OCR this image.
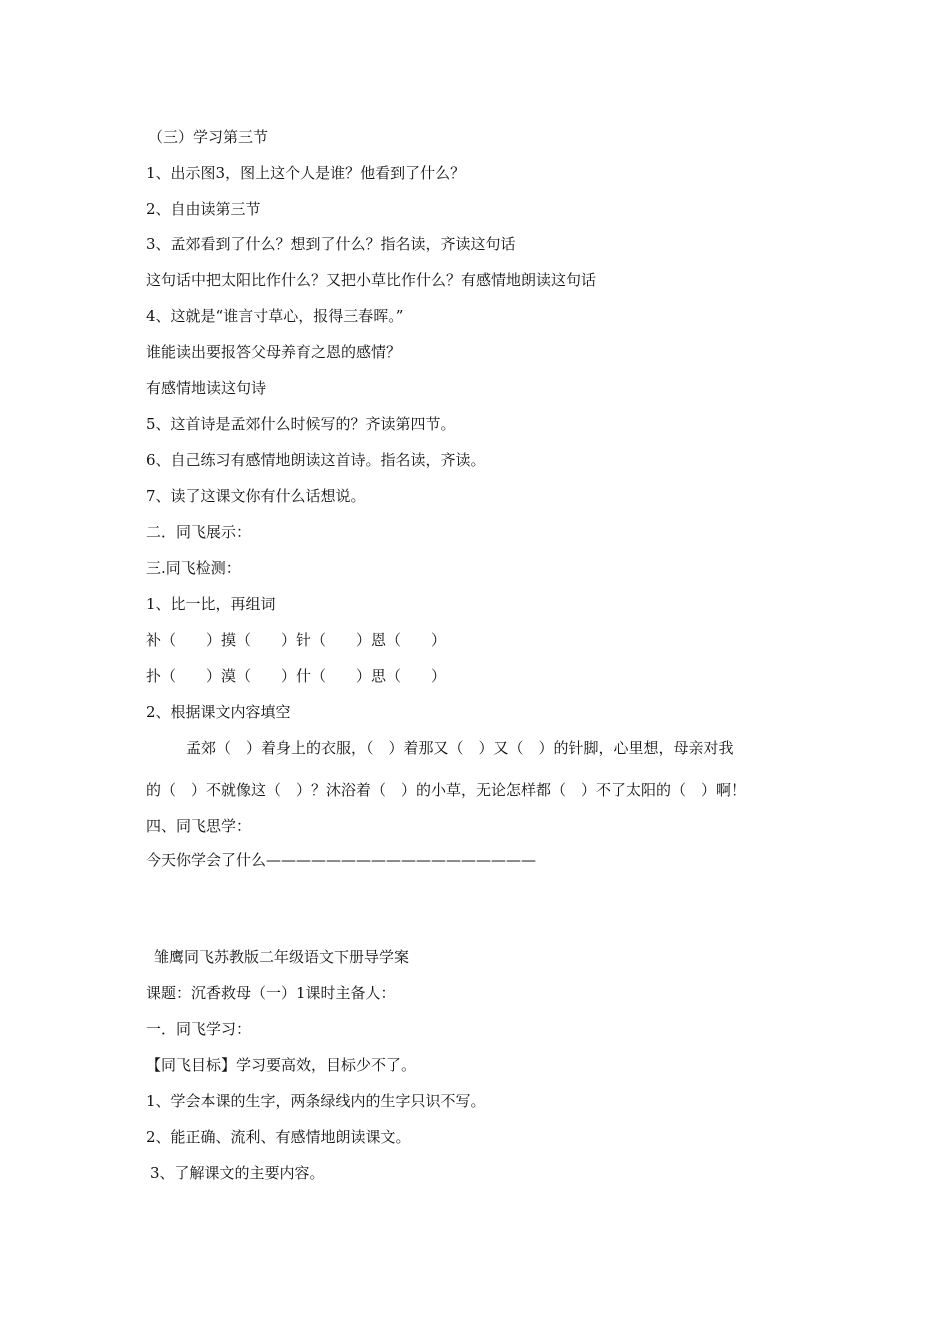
（三）学习第三节
1、出示图3，图上这个人是谁？他看到了什么？
2、自由读第三节
3、孟郊看到了什么？想到了什么？指名读，齐读这句话
这句话中把太阳比作什么？又把小草比作什么？有感情地朗读这句话
4、这就是“谁言寸草心，报得三春晖。”
谁能读出要报答父母养育之恩的感情？
有感情地读这句诗
5、这首诗是孟郊什么时候写的？齐读第四节。
6、自己练习有感情地朗读这首诗。指名读，齐读。
7、读了这课文你有什么话想说。
二．同飞展示：
三.同飞检测：
1、比一比，再组词
补（　　）摸（　　）针（　　）恩（　　）
扑（　　）漠（　　）什（　　）思（　　）
2、根据课文内容填空
孟郊（　）着身上的衣服，（　）着那又（　）又（　）的针脚，心里想，母亲对我
的（　）不就像这（　）？沐浴着（　）的小草，无论怎样都（　）不了太阳的（　）啊！
四、同飞思学：
今天你学会了什么——————————————————
雏鹰同飞苏教版二年级语文下册导学案
课题：沉香救母（一）1课时主备人：
一．同飞学习：
【同飞目标】学习要高效，目标少不了。
1、学会本课的生字，两条绿线内的生字只识不写。
2、能正确、流利、有感情地朗读课文。
3、了解课文的主要内容。
